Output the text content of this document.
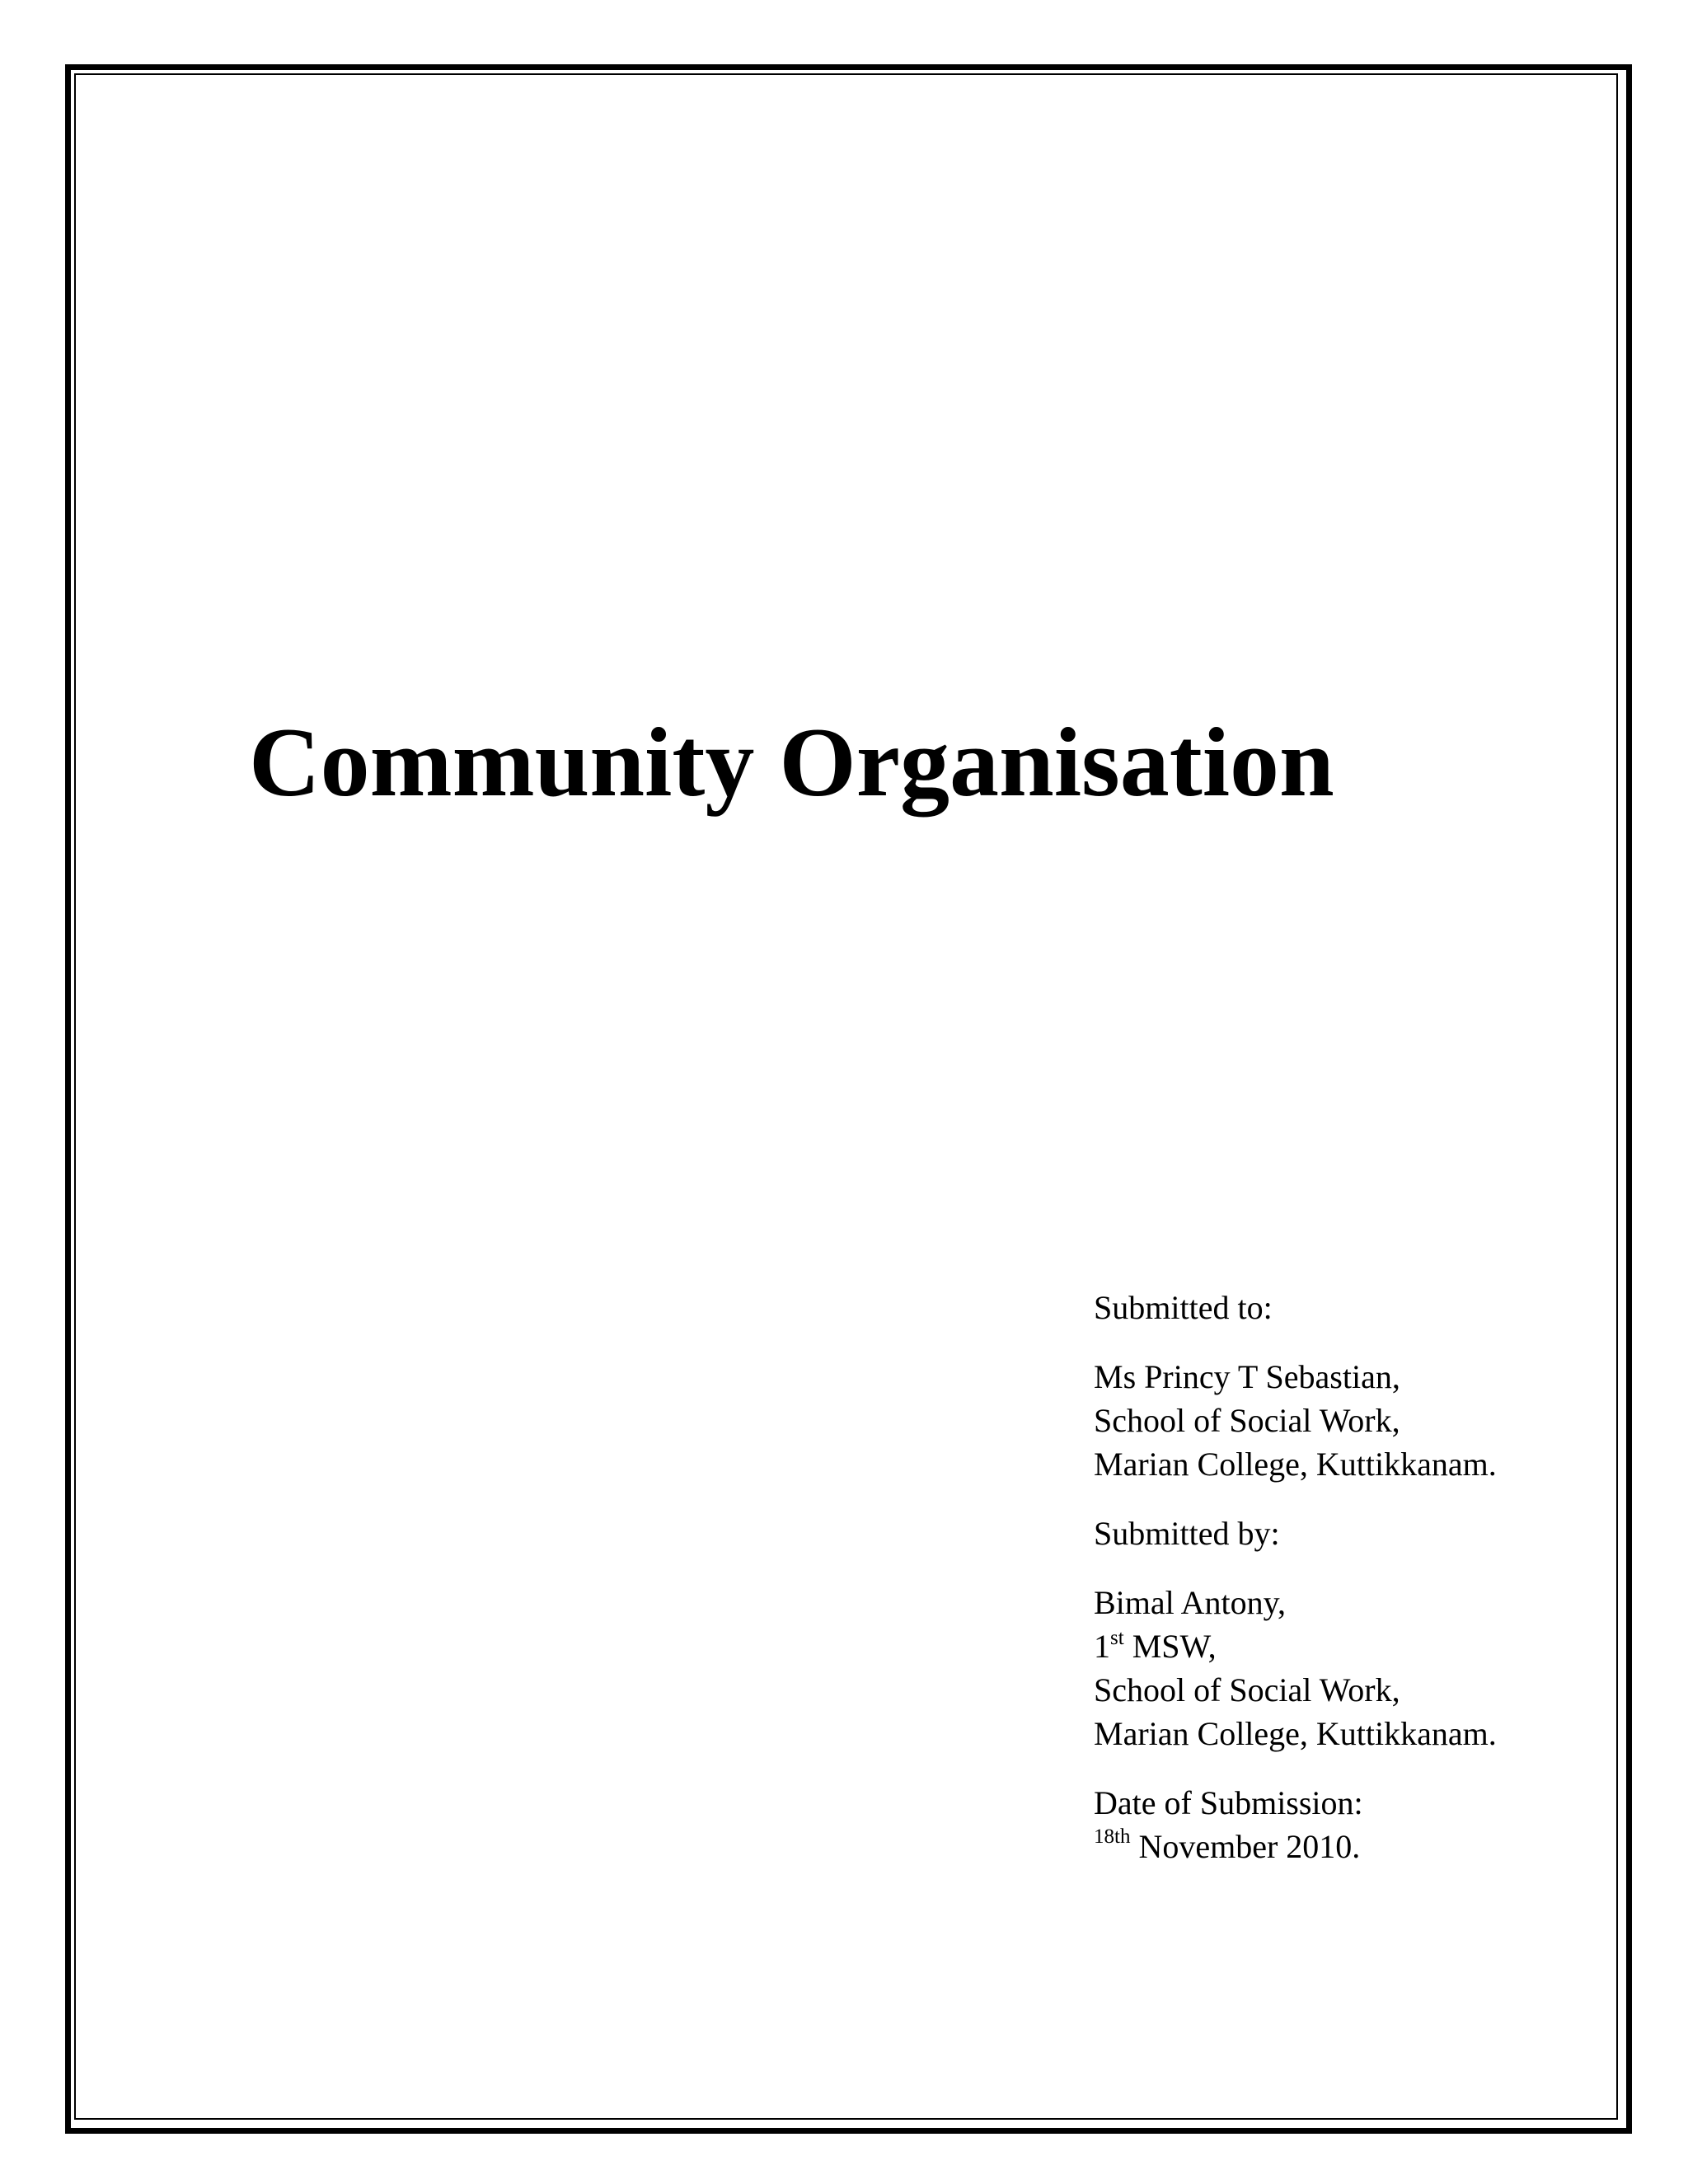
Community Organisation
Submitted to:
Ms Princy T Sebastian,
School of Social Work,
Marian College, Kuttikkanam.
Submitted by:
Bimal Antony,
1st MSW,
School of Social Work,
Marian College, Kuttikkanam.
Date of Submission:
$^{18th}$ November 2010.
